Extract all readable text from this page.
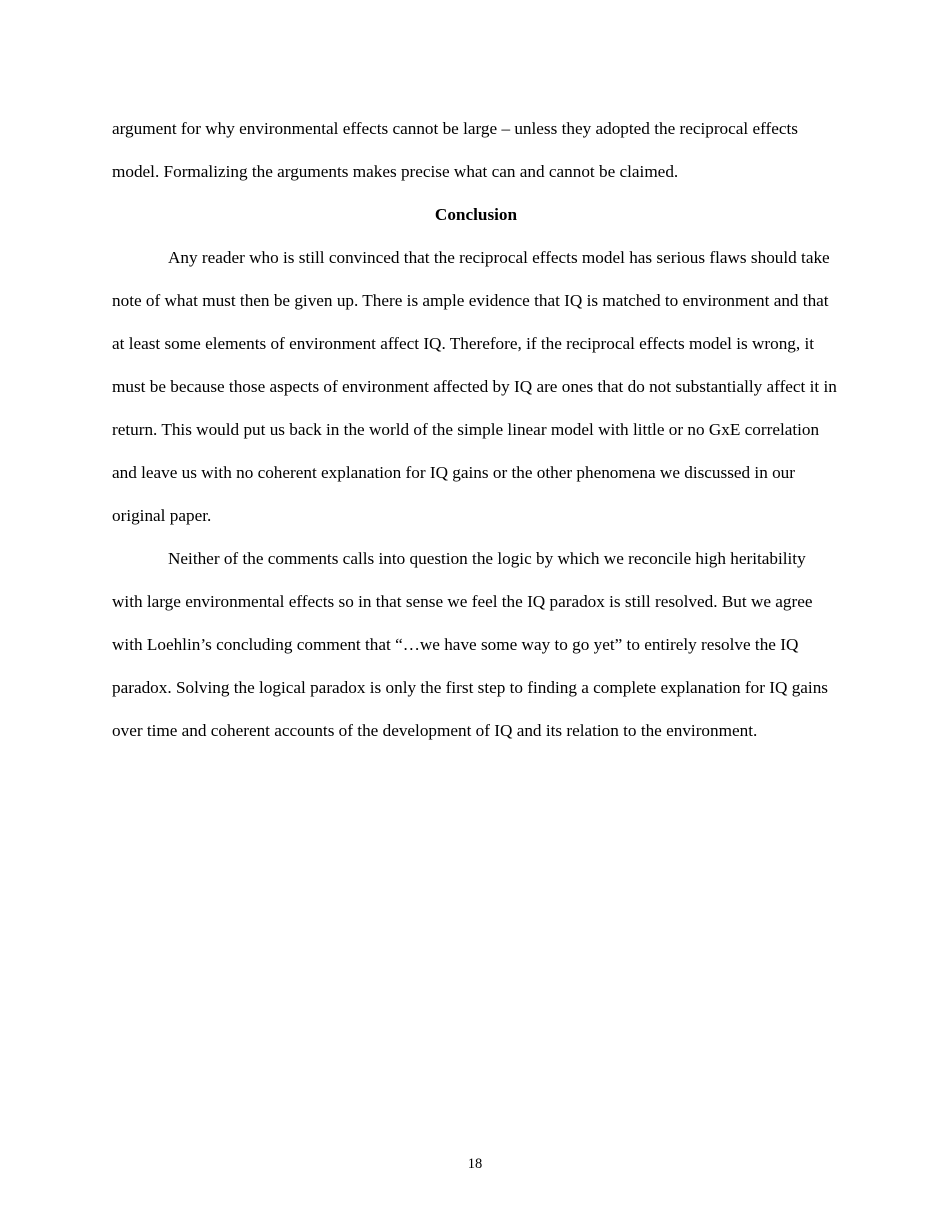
argument for why environmental effects cannot be large – unless they adopted the reciprocal effects model. Formalizing the arguments makes precise what can and cannot be claimed.

Conclusion

Any reader who is still convinced that the reciprocal effects model has serious flaws should take note of what must then be given up. There is ample evidence that IQ is matched to environment and that at least some elements of environment affect IQ. Therefore, if the reciprocal effects model is wrong, it must be because those aspects of environment affected by IQ are ones that do not substantially affect it in return. This would put us back in the world of the simple linear model with little or no GxE correlation and leave us with no coherent explanation for IQ gains or the other phenomena we discussed in our original paper.

Neither of the comments calls into question the logic by which we reconcile high heritability with large environmental effects so in that sense we feel the IQ paradox is still resolved. But we agree with Loehlin’s concluding comment that “…we have some way to go yet” to entirely resolve the IQ paradox. Solving the logical paradox is only the first step to finding a complete explanation for IQ gains over time and coherent accounts of the development of IQ and its relation to the environment.

18
